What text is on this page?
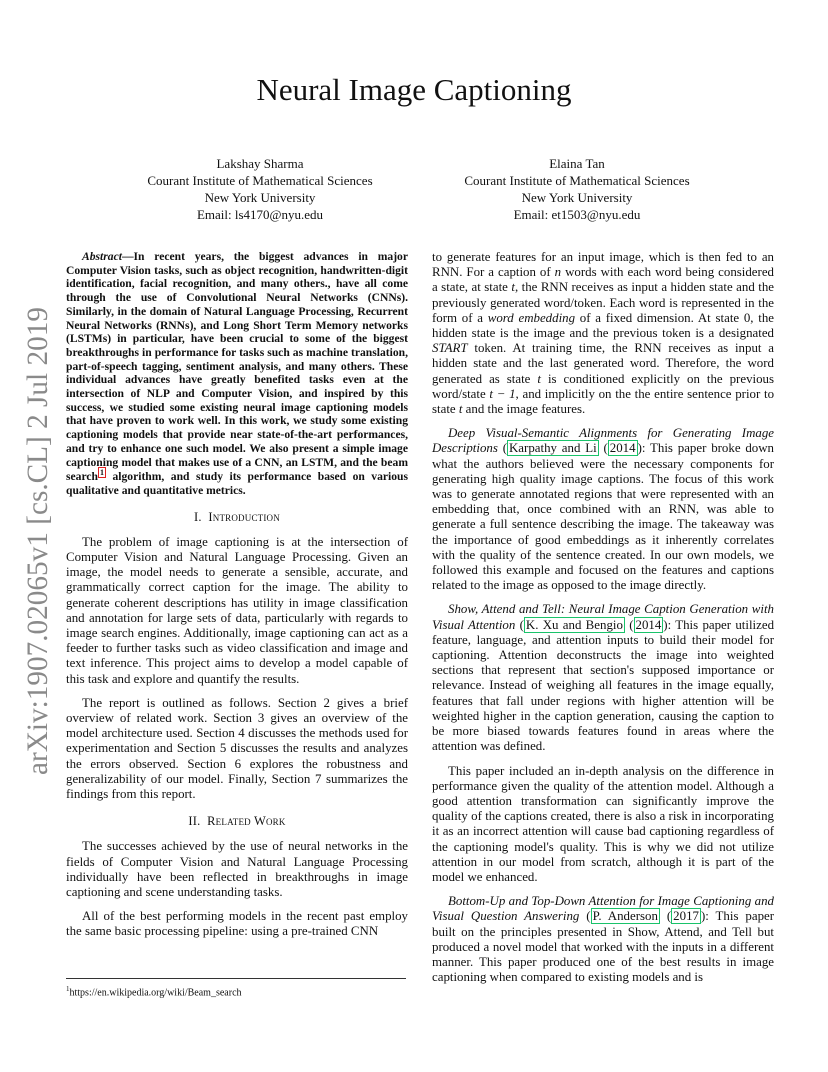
arXiv:1907.02065v1 [cs.CL] 2 Jul 2019
Neural Image Captioning
Lakshay Sharma
Courant Institute of Mathematical Sciences
New York University
Email: ls4170@nyu.edu
Elaina Tan
Courant Institute of Mathematical Sciences
New York University
Email: et1503@nyu.edu

Abstract—In recent years, the biggest advances in major Computer Vision tasks, such as object recognition, handwritten-digit identification, facial recognition, and many others., have all come through the use of Convolutional Neural Networks (CNNs). Similarly, in the domain of Natural Language Processing, Recurrent Neural Networks (RNNs), and Long Short Term Memory networks (LSTMs) in particular, have been crucial to some of the biggest breakthroughs in performance for tasks such as machine translation, part-of-speech tagging, sentiment analysis, and many others. These individual advances have greatly benefited tasks even at the intersection of NLP and Computer Vision, and inspired by this success, we studied some existing neural image captioning models that have proven to work well. In this work, we study some existing captioning models that provide near state-of-the-art performances, and try to enhance one such model. We also present a simple image captioning model that makes use of a CNN, an LSTM, and the beam search $^1$ algorithm, and study its performance based on various qualitative and quantitative metrics.

I. Introduction

The problem of image captioning is at the intersection of Computer Vision and Natural Language Processing. Given an image, the model needs to generate a sensible, accurate, and grammatically correct caption for the image. The ability to generate coherent descriptions has utility in image classification and annotation for large sets of data, particularly with regards to image search engines. Additionally, image captioning can act as a feeder to further tasks such as video classification and image and text inference. This project aims to develop a model capable of this task and explore and quantify the results.

The report is outlined as follows. Section 2 gives a brief overview of related work. Section 3 gives an overview of the model architecture used. Section 4 discusses the methods used for experimentation and Section 5 discusses the results and analyzes the errors observed. Section 6 explores the robustness and generalizability of our model. Finally, Section 7 summarizes the findings from this report.

II. Related Work

The successes achieved by the use of neural networks in the fields of Computer Vision and Natural Language Processing individually have been reflected in breakthroughs in image captioning and scene understanding tasks.

All of the best performing models in the recent past employ the same basic processing pipeline: using a pre-trained CNN

to generate features for an input image, which is then fed to an RNN. For a caption of n words with each word being considered a state, at state t, the RNN receives as input a hidden state and the previously generated word/token. Each word is represented in the form of a word embedding of a fixed dimension. At state 0, the hidden state is the image and the previous token is a designated START token. At training time, the RNN receives as input a hidden state and the last generated word. Therefore, the word generated as state t is conditioned explicitly on the previous word/state t − 1, and implicitly on the the entire sentence prior to state t and the image features.

Deep Visual-Semantic Alignments for Generating Image Descriptions ( Karpathy and Li ( 2014 ): This paper broke down what the authors believed were the necessary components for generating high quality image captions. The focus of this work was to generate annotated regions that were represented with an embedding that, once combined with an RNN, was able to generate a full sentence describing the image. The takeaway was the importance of good embeddings as it inherently correlates with the quality of the sentence created. In our own models, we followed this example and focused on the features and captions related to the image as opposed to the image directly.

Show, Attend and Tell: Neural Image Caption Generation with Visual Attention ( K. Xu and Bengio ( 2014 ): This paper utilized feature, language, and attention inputs to build their model for captioning. Attention deconstructs the image into weighted sections that represent that section's supposed importance or relevance. Instead of weighing all features in the image equally, features that fall under regions with higher attention will be weighted higher in the caption generation, causing the caption to be more biased towards features found in areas where the attention was defined.

This paper included an in-depth analysis on the difference in performance given the quality of the attention model. Although a good attention transformation can significantly improve the quality of the captions created, there is also a risk in incorporating it as an incorrect attention will cause bad captioning regardless of the captioning model's quality. This is why we did not utilize attention in our model from scratch, although it is part of the model we enhanced.

Bottom-Up and Top-Down Attention for Image Captioning and Visual Question Answering ( P. Anderson ( 2017 ): This paper built on the principles presented in Show, Attend, and Tell but produced a novel model that worked with the inputs in a different manner. This paper produced one of the best results in image captioning when compared to existing models and is

$^1$https://en.wikipedia.org/wiki/Beam_search
